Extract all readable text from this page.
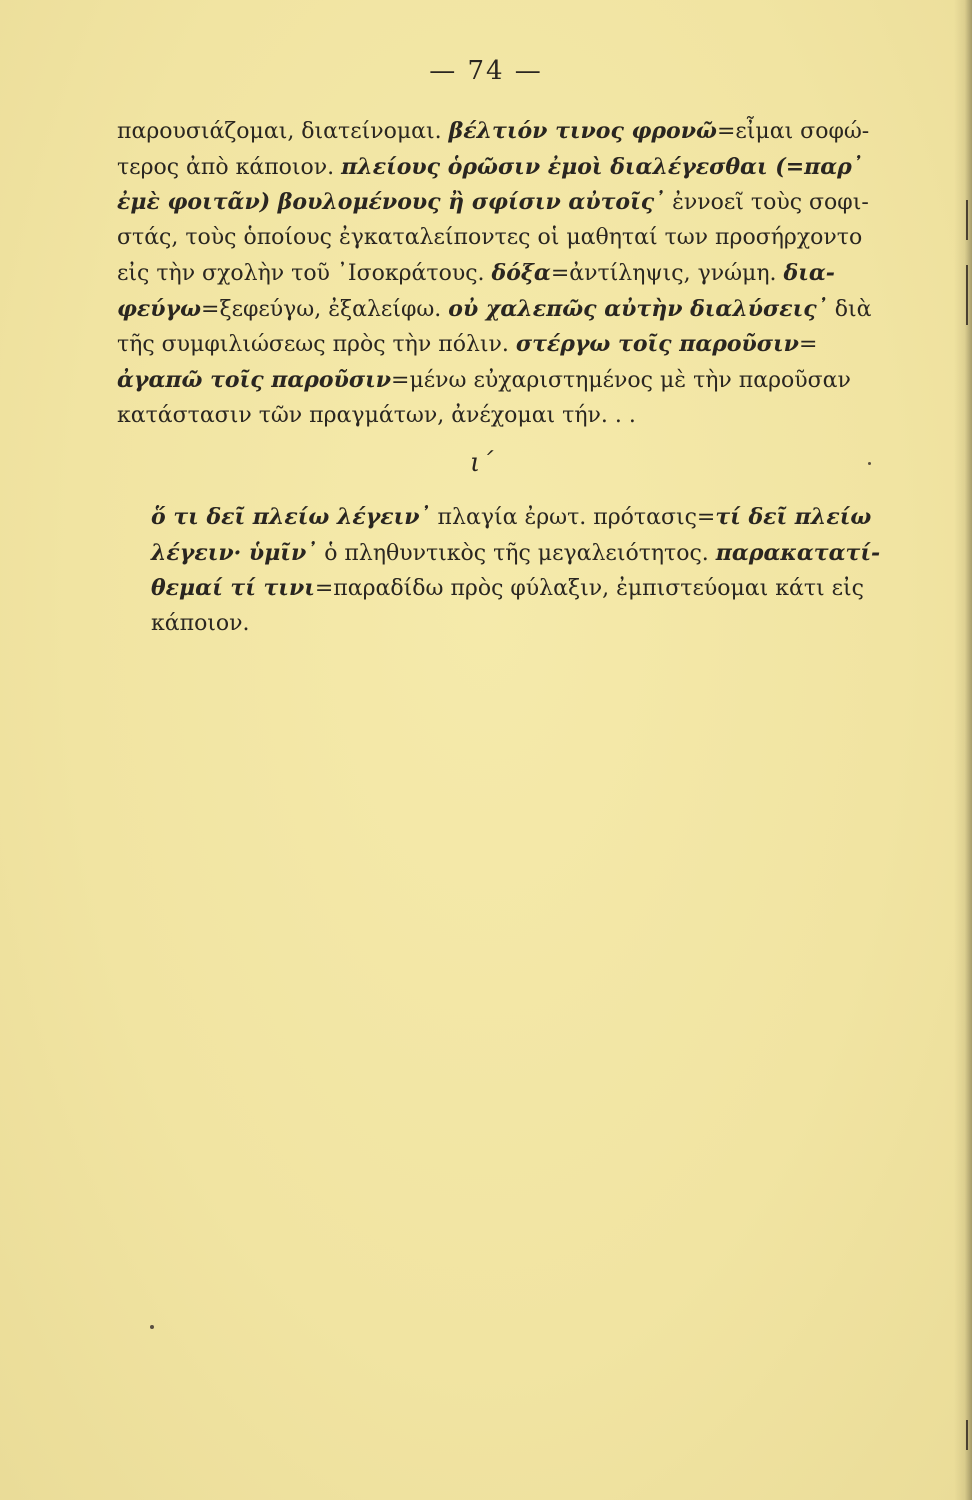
— 74 —
παρουσιάζομαι, διατείνομαι. βέλτιόν τινος φρονῶ=εἶμαι σοφώ-
τερος ἀπὸ κάποιον. πλείους ὁρῶσιν ἐμοὶ διαλέγεσθαι (=παρ᾿
ἐμὲ φοιτᾶν) βουλομένους ἢ σφίσιν αὐτοῖς᾽ ἐννοεῖ τοὺς σοφι-
στάς, τοὺς ὁποίους ἐγκαταλείποντες οἱ μαθηταί των προσήρχοντο
εἰς τὴν σχολὴν τοῦ ᾿Ισοκράτους. δόξα=ἀντίληψις, γνώμη. δια-
φεύγω=ξεφεύγω, ἐξαλείφω. οὐ χαλεπῶς αὐτὴν διαλύσεις᾽ διὰ
τῆς συμφιλιώσεως πρὸς τὴν πόλιν. στέργω τοῖς παροῦσιν=
ἀγαπῶ τοῖς παροῦσιν=μένω εὐχαριστημένος μὲ τὴν παροῦσαν
κατάστασιν τῶν πραγμάτων, ἀνέχομαι τήν. . .
ι´
ὅ τι δεῖ πλείω λέγειν᾽ πλαγία ἐρωτ. πρότασις=τί δεῖ πλείω
λέγειν· ὑμῖν᾽ ὁ πληθυντικὸς τῆς μεγαλειότητος. παρακατατί-
θεμαί τί τινι=παραδίδω πρὸς φύλαξιν, ἐμπιστεύομαι κάτι εἰς
κάποιον.
